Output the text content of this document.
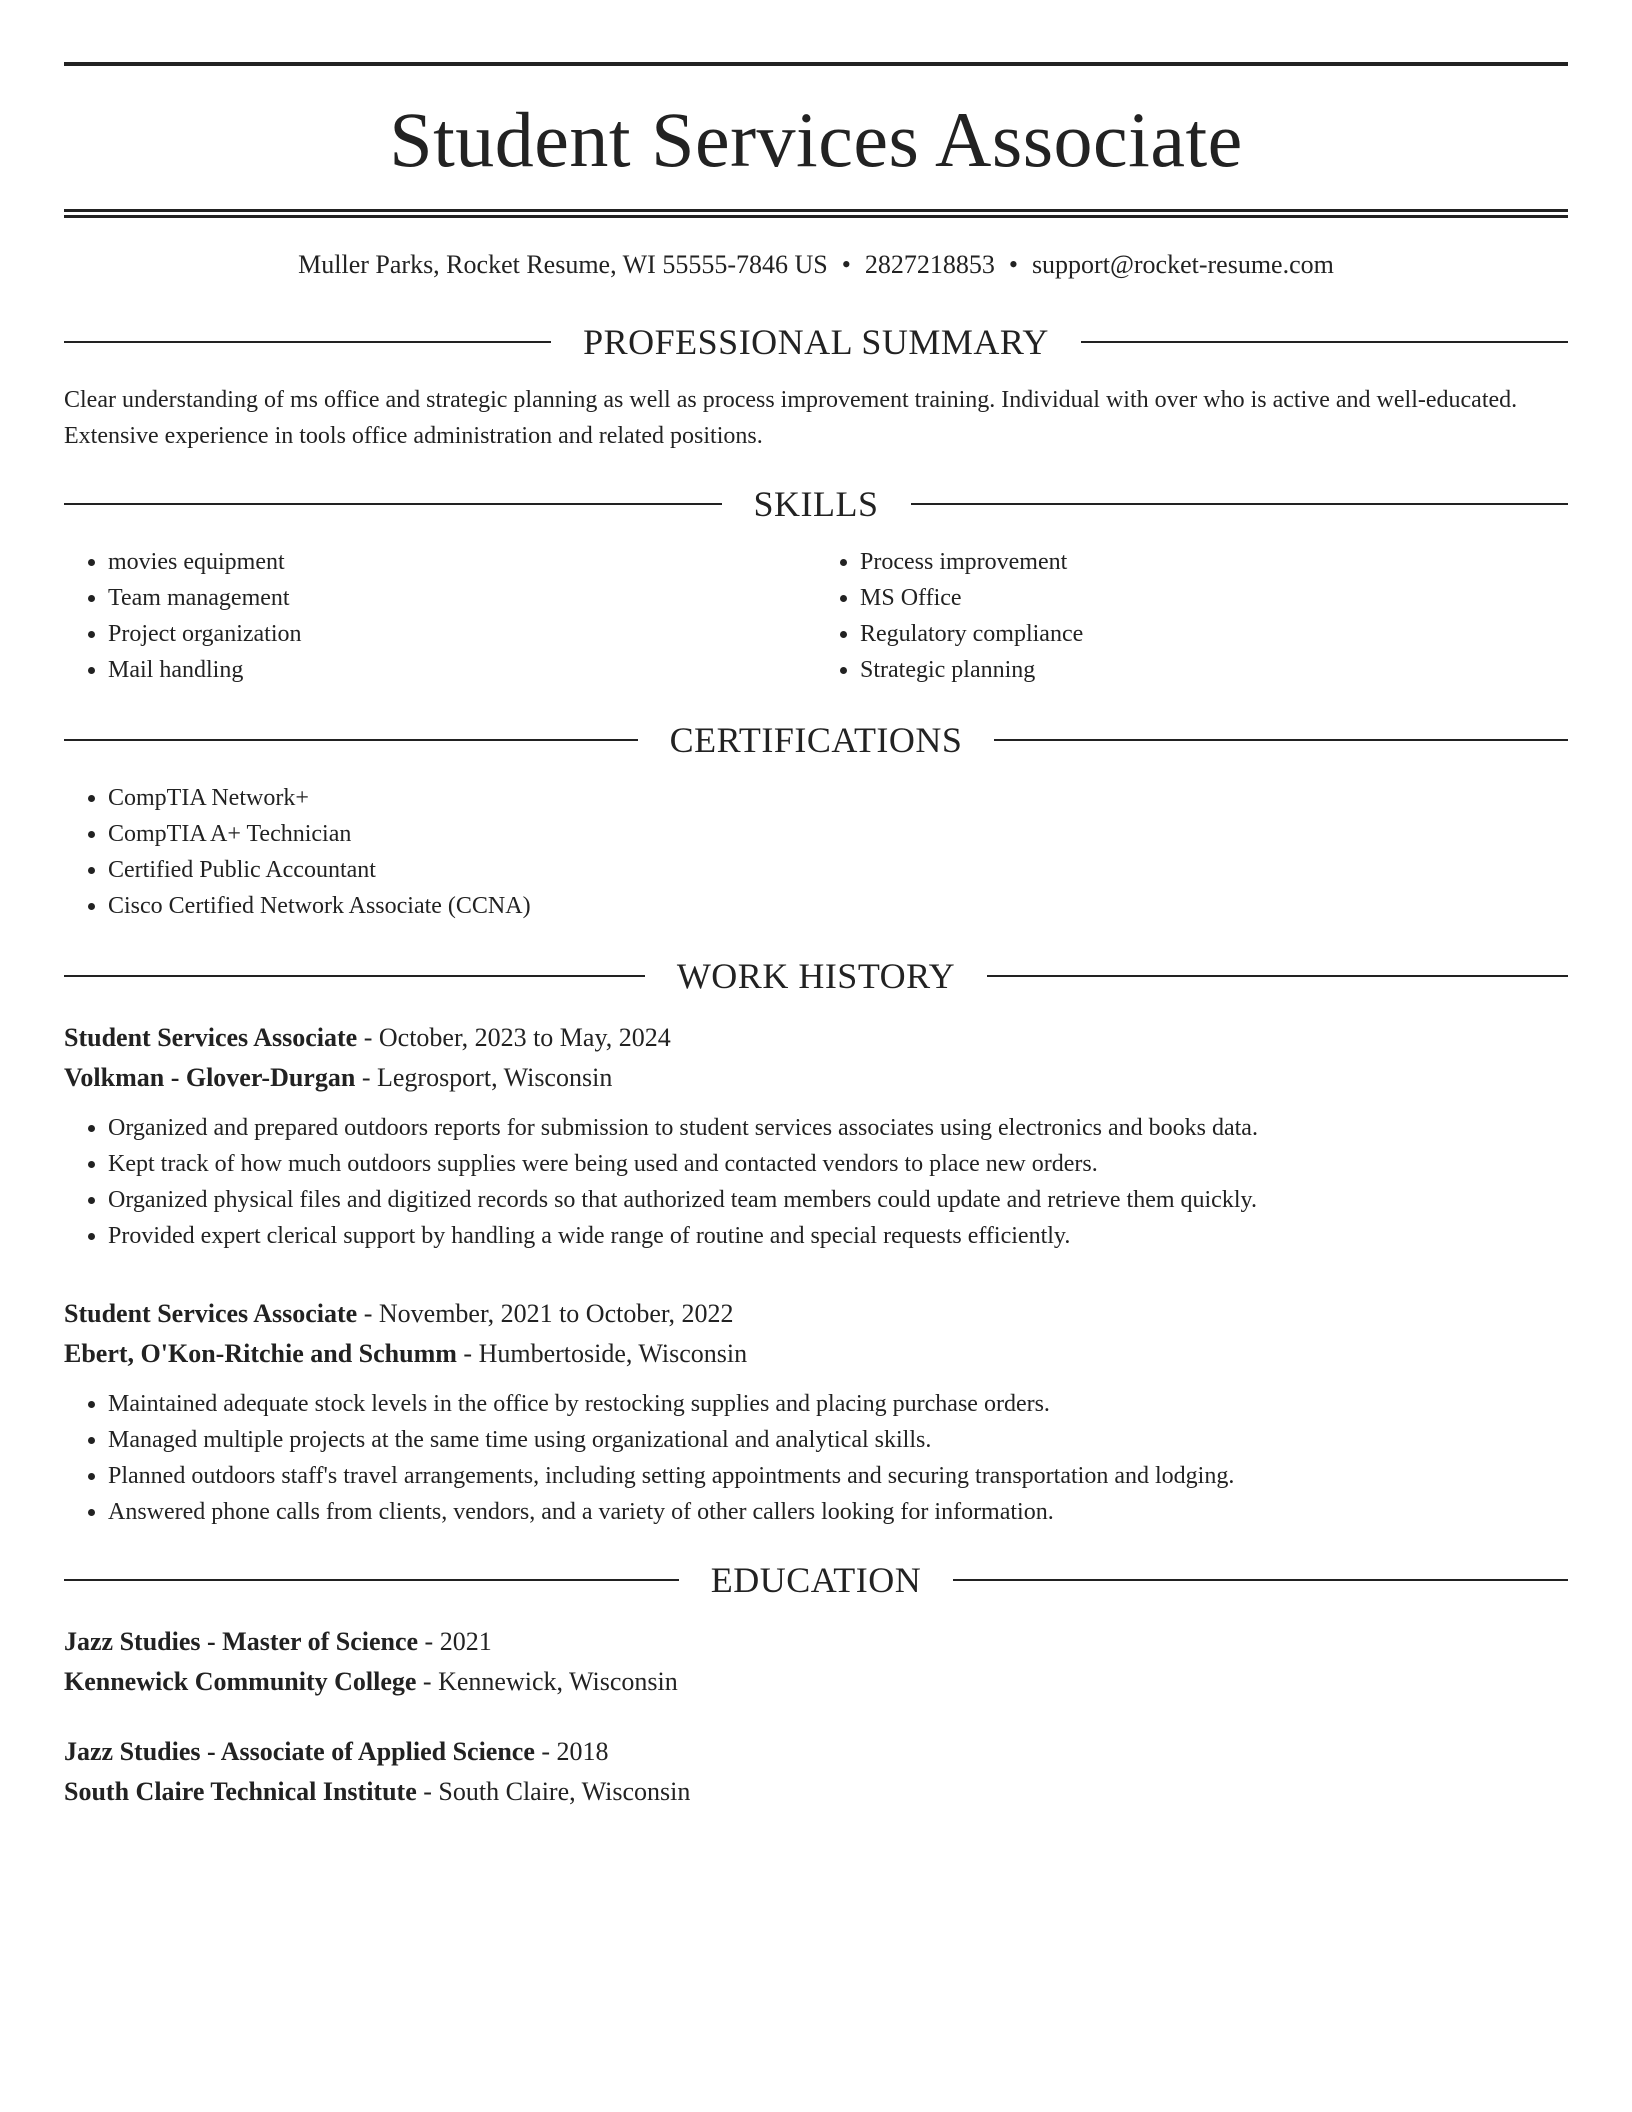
Student Services Associate
Muller Parks, Rocket Resume, WI 55555-7846 US • 2827218853 • support@rocket-resume.com
PROFESSIONAL SUMMARY
Clear understanding of ms office and strategic planning as well as process improvement training. Individual with over who is active and well-educated. Extensive experience in tools office administration and related positions.
SKILLS
• movies equipment
• Team management
• Project organization
• Mail handling
• Process improvement
• MS Office
• Regulatory compliance
• Strategic planning
CERTIFICATIONS
• CompTIA Network+
• CompTIA A+ Technician
• Certified Public Accountant
• Cisco Certified Network Associate (CCNA)
WORK HISTORY
Student Services Associate - October, 2023 to May, 2024
Volkman - Glover-Durgan - Legrosport, Wisconsin
• Organized and prepared outdoors reports for submission to student services associates using electronics and books data.
• Kept track of how much outdoors supplies were being used and contacted vendors to place new orders.
• Organized physical files and digitized records so that authorized team members could update and retrieve them quickly.
• Provided expert clerical support by handling a wide range of routine and special requests efficiently.
Student Services Associate - November, 2021 to October, 2022
Ebert, O'Kon-Ritchie and Schumm - Humbertoside, Wisconsin
• Maintained adequate stock levels in the office by restocking supplies and placing purchase orders.
• Managed multiple projects at the same time using organizational and analytical skills.
• Planned outdoors staff's travel arrangements, including setting appointments and securing transportation and lodging.
• Answered phone calls from clients, vendors, and a variety of other callers looking for information.
EDUCATION
Jazz Studies - Master of Science - 2021
Kennewick Community College - Kennewick, Wisconsin
Jazz Studies - Associate of Applied Science - 2018
South Claire Technical Institute - South Claire, Wisconsin
